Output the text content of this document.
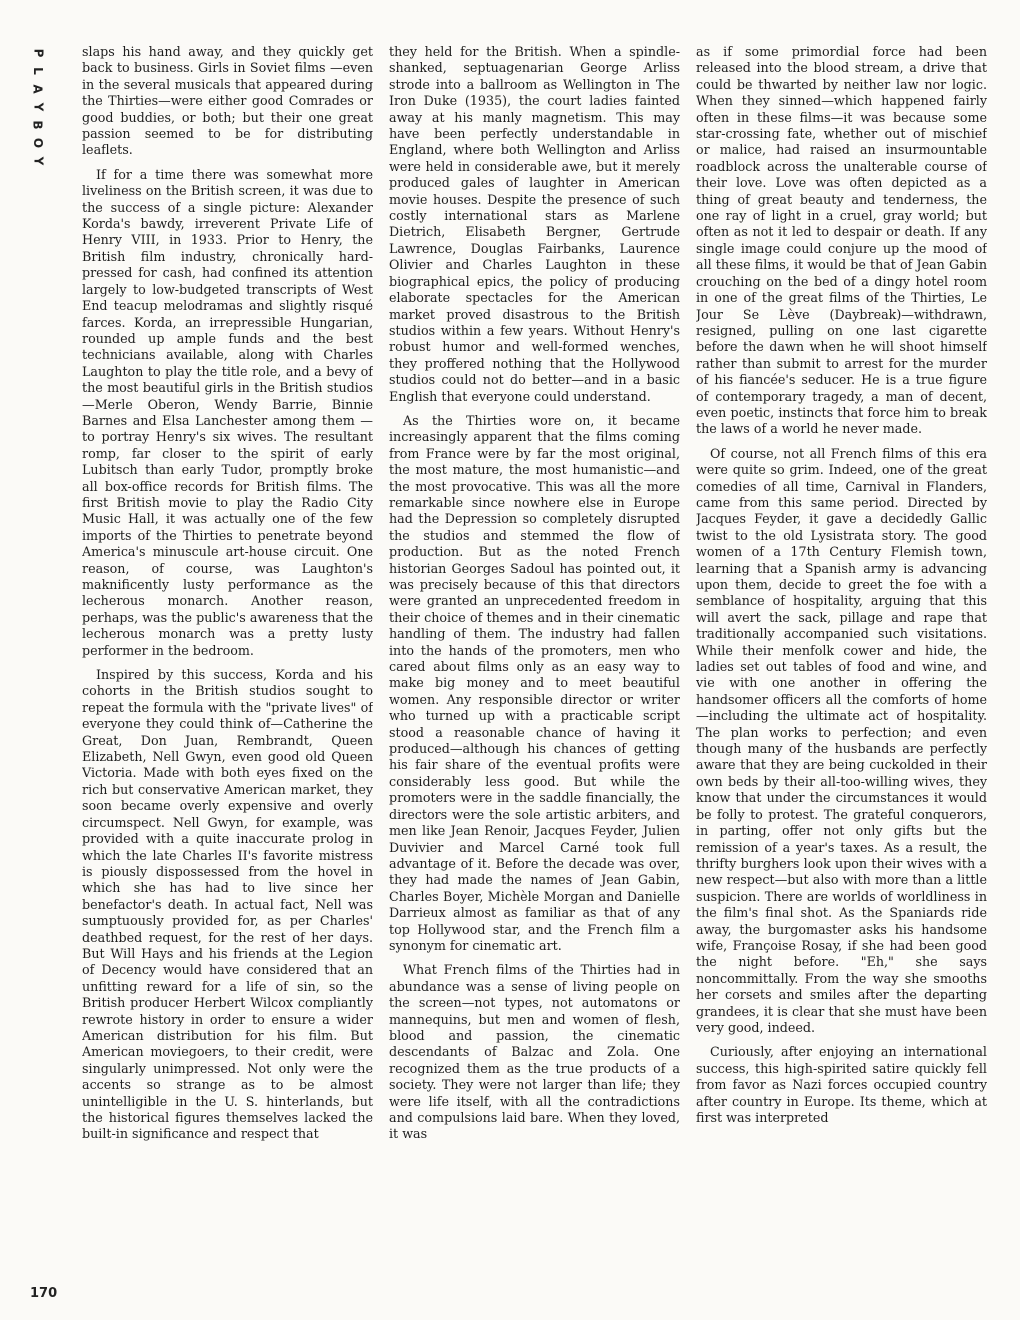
P
L
A
Y
B
O
Y
170

slaps his hand away, and they quickly get back to business. Girls in Soviet films —even in the several musicals that appeared during the Thirties—were either good Comrades or good buddies, or both; but their one great passion seemed to be for distributing leaflets.

If for a time there was somewhat more liveliness on the British screen, it was due to the success of a single picture: Alexander Korda's bawdy, irreverent Private Life of Henry VIII, in 1933. Prior to Henry, the British film industry, chronically hard-pressed for cash, had confined its attention largely to low-budgeted transcripts of West End teacup melodramas and slightly risqué farces. Korda, an irrepressible Hungarian, rounded up ample funds and the best technicians available, along with Charles Laughton to play the title role, and a bevy of the most beautiful girls in the British studios —Merle Oberon, Wendy Barrie, Binnie Barnes and Elsa Lanchester among them —to portray Henry's six wives. The resultant romp, far closer to the spirit of early Lubitsch than early Tudor, promptly broke all box-office records for British films. The first British movie to play the Radio City Music Hall, it was actually one of the few imports of the Thirties to penetrate beyond America's minuscule art-house circuit. One reason, of course, was Laughton's maknificently lusty performance as the lecherous monarch. Another reason, perhaps, was the public's awareness that the lecherous monarch was a pretty lusty performer in the bedroom.

Inspired by this success, Korda and his cohorts in the British studios sought to repeat the formula with the "private lives" of everyone they could think of—Catherine the Great, Don Juan, Rembrandt, Queen Elizabeth, Nell Gwyn, even good old Queen Victoria. Made with both eyes fixed on the rich but conservative American market, they soon became overly expensive and overly circumspect. Nell Gwyn, for example, was provided with a quite inaccurate prolog in which the late Charles II's favorite mistress is piously dispossessed from the hovel in which she has had to live since her benefactor's death. In actual fact, Nell was sumptuously provided for, as per Charles' deathbed request, for the rest of her days. But Will Hays and his friends at the Legion of Decency would have considered that an unfitting reward for a life of sin, so the British producer Herbert Wilcox compliantly rewrote history in order to ensure a wider American distribution for his film. But American moviegoers, to their credit, were singularly unimpressed. Not only were the accents so strange as to be almost unintelligible in the U. S. hinterlands, but the historical figures themselves lacked the built-in significance and respect that

they held for the British. When a spindle-shanked, septuagenarian George Arliss strode into a ballroom as Wellington in The Iron Duke (1935), the court ladies fainted away at his manly magnetism. This may have been perfectly understandable in England, where both Wellington and Arliss were held in considerable awe, but it merely produced gales of laughter in American movie houses. Despite the presence of such costly international stars as Marlene Dietrich, Elisabeth Bergner, Gertrude Lawrence, Douglas Fairbanks, Laurence Olivier and Charles Laughton in these biographical epics, the policy of producing elaborate spectacles for the American market proved disastrous to the British studios within a few years. Without Henry's robust humor and well-formed wenches, they proffered nothing that the Hollywood studios could not do better—and in a basic English that everyone could understand.

As the Thirties wore on, it became increasingly apparent that the films coming from France were by far the most original, the most mature, the most humanistic—and the most provocative. This was all the more remarkable since nowhere else in Europe had the Depression so completely disrupted the studios and stemmed the flow of production. But as the noted French historian Georges Sadoul has pointed out, it was precisely because of this that directors were granted an unprecedented freedom in their choice of themes and in their cinematic handling of them. The industry had fallen into the hands of the promoters, men who cared about films only as an easy way to make big money and to meet beautiful women. Any responsible director or writer who turned up with a practicable script stood a reasonable chance of having it produced—although his chances of getting his fair share of the eventual profits were considerably less good. But while the promoters were in the saddle financially, the directors were the sole artistic arbiters, and men like Jean Renoir, Jacques Feyder, Julien Duvivier and Marcel Carné took full advantage of it. Before the decade was over, they had made the names of Jean Gabin, Charles Boyer, Michèle Morgan and Danielle Darrieux almost as familiar as that of any top Hollywood star, and the French film a synonym for cinematic art.

What French films of the Thirties had in abundance was a sense of living people on the screen—not types, not automatons or mannequins, but men and women of flesh, blood and passion, the cinematic descendants of Balzac and Zola. One recognized them as the true products of a society. They were not larger than life; they were life itself, with all the contradictions and compulsions laid bare. When they loved, it was

as if some primordial force had been released into the blood stream, a drive that could be thwarted by neither law nor logic. When they sinned—which happened fairly often in these films—it was because some star-crossing fate, whether out of mischief or malice, had raised an insurmountable roadblock across the unalterable course of their love. Love was often depicted as a thing of great beauty and tenderness, the one ray of light in a cruel, gray world; but often as not it led to despair or death. If any single image could conjure up the mood of all these films, it would be that of Jean Gabin crouching on the bed of a dingy hotel room in one of the great films of the Thirties, Le Jour Se Lève (Daybreak)—withdrawn, resigned, pulling on one last cigarette before the dawn when he will shoot himself rather than submit to arrest for the murder of his fiancée's seducer. He is a true figure of contemporary tragedy, a man of decent, even poetic, instincts that force him to break the laws of a world he never made.

Of course, not all French films of this era were quite so grim. Indeed, one of the great comedies of all time, Carnival in Flanders, came from this same period. Directed by Jacques Feyder, it gave a decidedly Gallic twist to the old Lysistrata story. The good women of a 17th Century Flemish town, learning that a Spanish army is advancing upon them, decide to greet the foe with a semblance of hospitality, arguing that this will avert the sack, pillage and rape that traditionally accompanied such visitations. While their menfolk cower and hide, the ladies set out tables of food and wine, and vie with one another in offering the handsomer officers all the comforts of home—including the ultimate act of hospitality. The plan works to perfection; and even though many of the husbands are perfectly aware that they are being cuckolded in their own beds by their all-too-willing wives, they know that under the circumstances it would be folly to protest. The grateful conquerors, in parting, offer not only gifts but the remission of a year's taxes. As a result, the thrifty burghers look upon their wives with a new respect—but also with more than a little suspicion. There are worlds of worldliness in the film's final shot. As the Spaniards ride away, the burgomaster asks his handsome wife, Françoise Rosay, if she had been good the night before. "Eh," she says noncommittally. From the way she smooths her corsets and smiles after the departing grandees, it is clear that she must have been very good, indeed.

Curiously, after enjoying an international success, this high-spirited satire quickly fell from favor as Nazi forces occupied country after country in Europe. Its theme, which at first was interpreted
